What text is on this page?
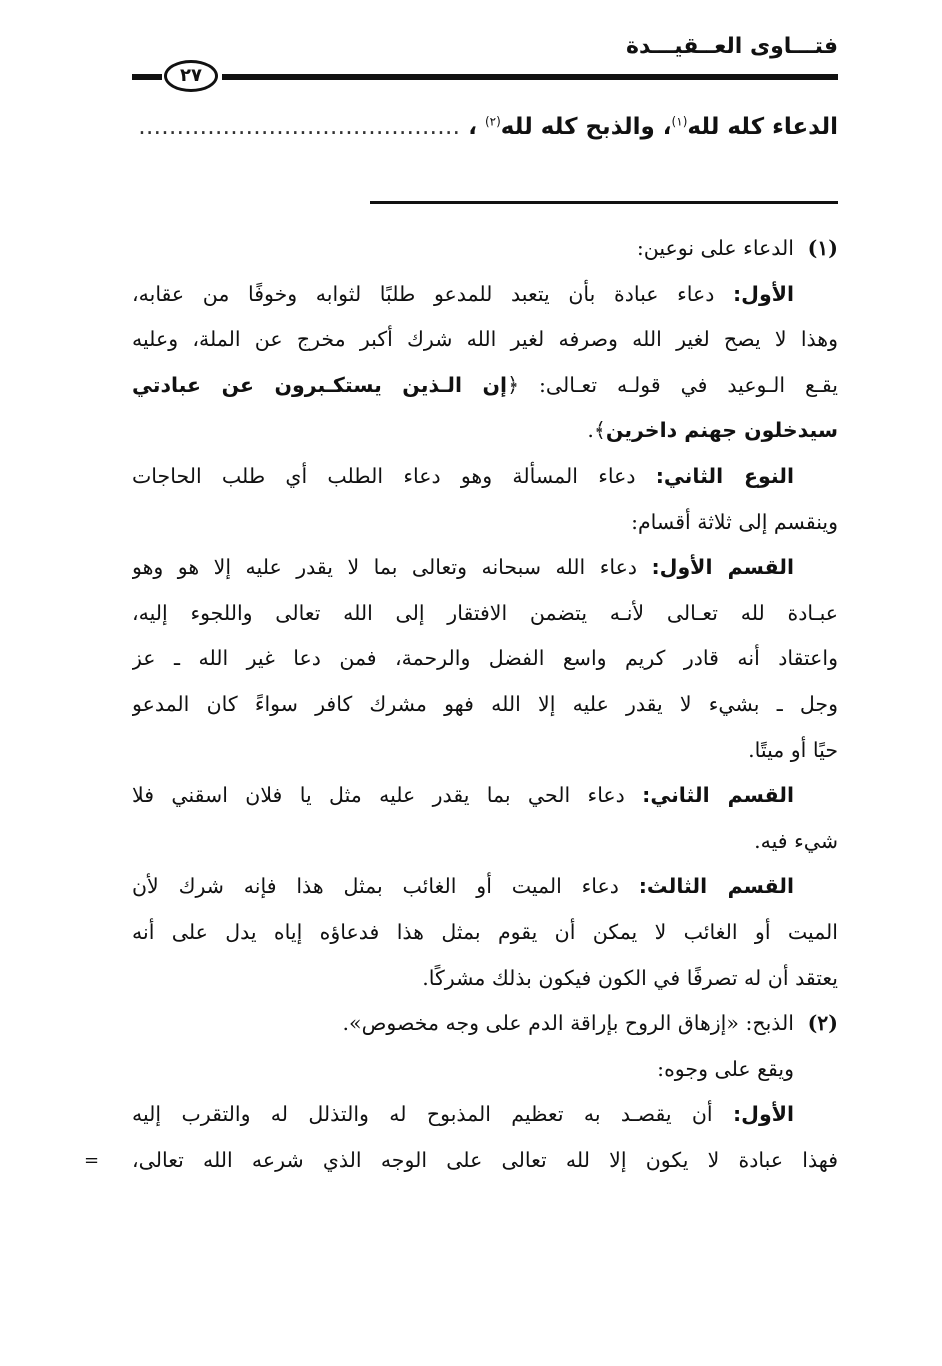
فتـــاوى العــقيـــدة
٢٧
الدعاء كله لله$^{(١)}$، والذبح كله لله$^{(٢)}$ ، ……………………………………
(١)الدعاء على نوعين:
الأول: دعاء عبادة بأن يتعبد للمدعو طلبًا لثوابه وخوفًا من عقابه،
وهذا لا يصح لغير الله وصرفه لغير الله شرك أكبر مخرج عن الملة، وعليه
يقـع الـوعيد في قولـه تعـالى: ﴿إن الـذين يستكـبرون عن عبادتي
سيدخلون جهنم داخرين﴾.
النوع الثاني: دعاء المسألة وهو دعاء الطلب أي طلب الحاجات
وينقسم إلى ثلاثة أقسام:
القسم الأول: دعاء الله سبحانه وتعالى بما لا يقدر عليه إلا هو وهو
عبـادة لله تعـالى لأنـه يتضمن الافتقار إلى الله تعالى واللجوء إليه،
واعتقاد أنه قادر كريم واسع الفضل والرحمة، فمن دعا غير الله ـ عز
وجل ـ بشيء لا يقدر عليه إلا الله فهو مشرك كافر سواءً كان المدعو
حيًا أو ميتًا.
القسم الثاني: دعاء الحي بما يقدر عليه مثل يا فلان اسقني فلا
شيء فيه.
القسم الثالث: دعاء الميت أو الغائب بمثل هذا فإنه شرك لأن
الميت أو الغائب لا يمكن أن يقوم بمثل هذا فدعاؤه إياه يدل على أنه
يعتقد أن له تصرفًا في الكون فيكون بذلك مشركًا.
(٢)الذبح: «إزهاق الروح بإراقة الدم على وجه مخصوص».
ويقع على وجوه:
الأول: أن يقصـد به تعظيم المذبوح له والتذلل له والتقرب إليه
فهذا عبادة لا يكون إلا لله تعالى على الوجه الذي شرعه الله تعالى،
=
